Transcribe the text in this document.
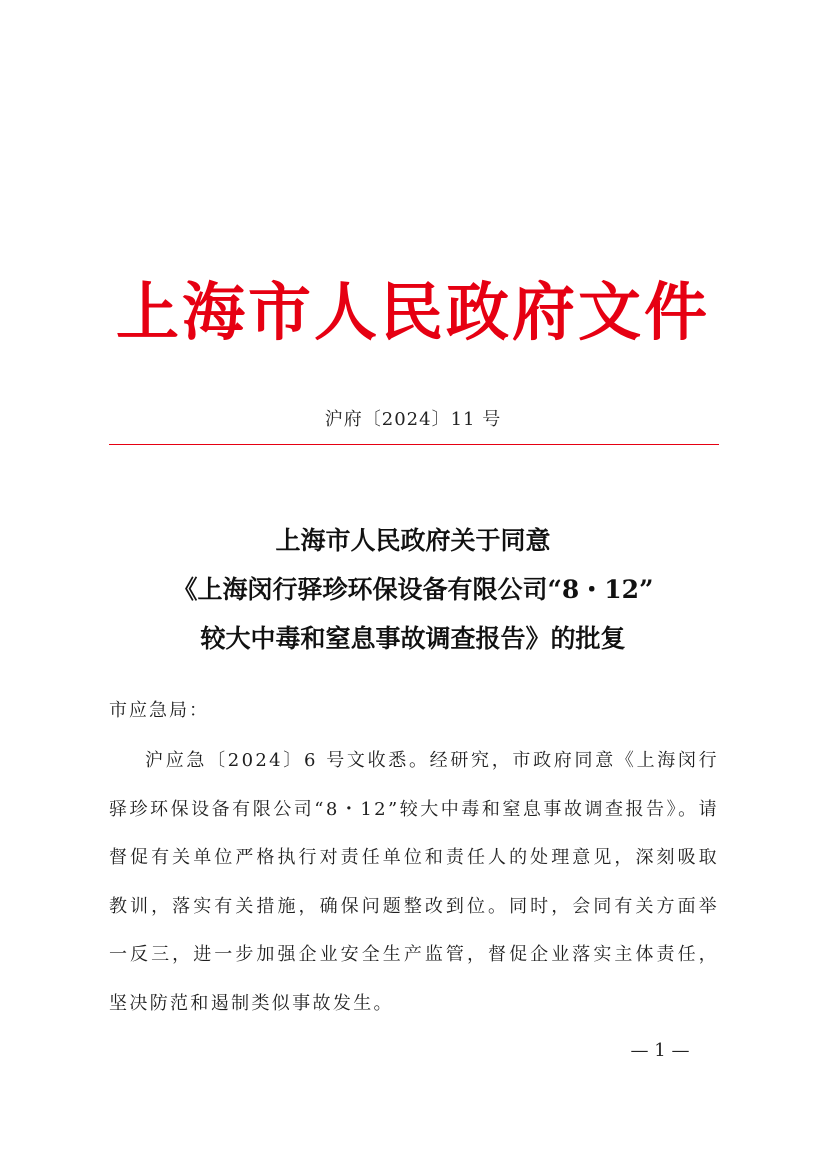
上海市人民政府文件
沪府〔2024〕11 号
上海市人民政府关于同意
《上海闵行驿珍环保设备有限公司“8・12”
较大中毒和窒息事故调查报告》的批复
市应急局：
沪应急〔2024〕6 号文收悉。经研究，市政府同意《上海闵行驿珍环保设备有限公司“8・12”较大中毒和窒息事故调查报告》。请督促有关单位严格执行对责任单位和责任人的处理意见，深刻吸取教训，落实有关措施，确保问题整改到位。同时，会同有关方面举一反三，进一步加强企业安全生产监管，督促企业落实主体责任，坚决防范和遏制类似事故发生。
— 1 —
